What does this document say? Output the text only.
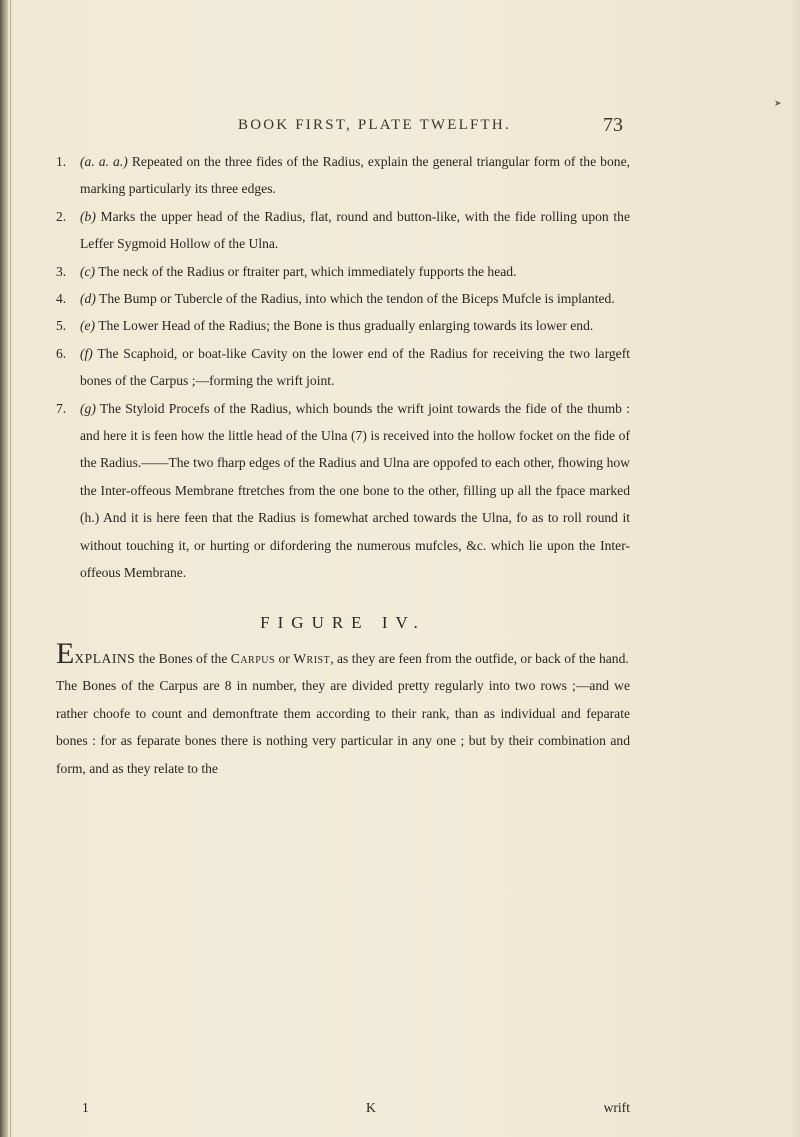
➤
BOOK FIRST, PLATE TWELFTH.	73
1. (a. a. a.) Repeated on the three fides of the Radius, explain the general triangular form of the bone, marking particularly its three edges.
2. (b) Marks the upper head of the Radius, flat, round and button-like, with the fide rolling upon the Leffer Sygmoid Hollow of the Ulna.
3. (c) The neck of the Radius or ftraiter part, which immediately fupports the head.
4. (d) The Bump or Tubercle of the Radius, into which the tendon of the Biceps Mufcle is implanted.
5. (e) The Lower Head of the Radius; the Bone is thus gradually enlarging towards its lower end.
6. (f) The Scaphoid, or boat-like Cavity on the lower end of the Radius for receiving the two largeft bones of the Carpus ;—forming the wrift joint.
7. (g) The Styloid Procefs of the Radius, which bounds the wrift joint towards the fide of the thumb : and here it is feen how the little head of the Ulna (7) is received into the hollow focket on the fide of the Radius.——The two fharp edges of the Radius and Ulna are oppofed to each other, fhowing how the Inter-offeous Membrane ftretches from the one bone to the other, filling up all the fpace marked (h.) And it is here feen that the Radius is fomewhat arched towards the Ulna, fo as to roll round it without touching it, or hurting or difordering the numerous mufcles, &c. which lie upon the Inter-offeous Membrane.
FIGURE IV.
EXPLAINS the Bones of the Carpus or Wrist, as they are feen from the outfide, or back of the hand.
The Bones of the Carpus are 8 in number, they are divided pretty regularly into two rows ;—and we rather choofe to count and demonftrate them according to their rank, than as individual and feparate bones : for as feparate bones there is nothing very particular in any one ; but by their combination and form, and as they relate to the
1	K	wrift
